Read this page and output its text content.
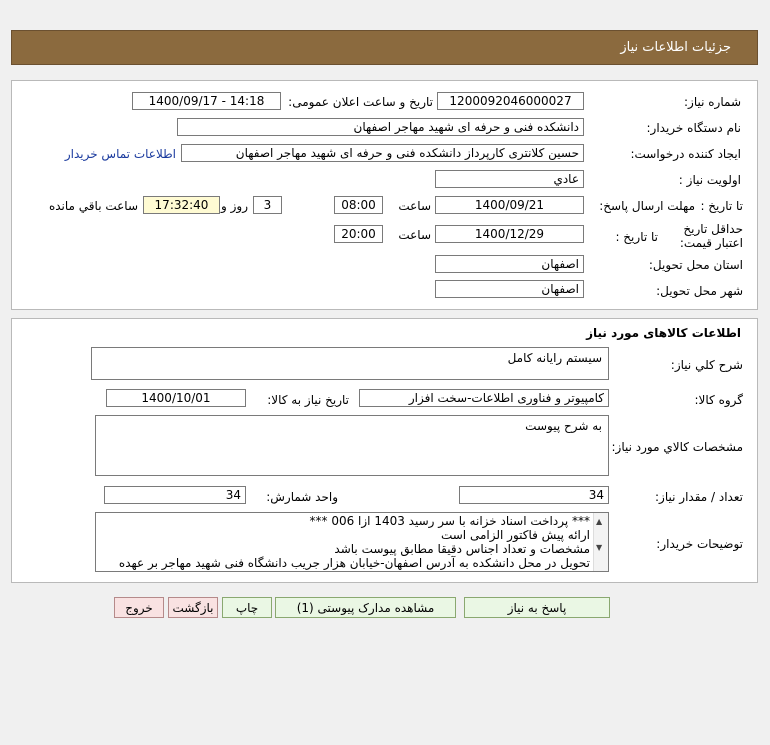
جزئیات اطلاعات نیاز
شماره نیاز:
1200092046000027
تاریخ و ساعت اعلان عمومی:
1400/09/17 - 14:18
نام دستگاه خریدار:
دانشکده فنی و حرفه ای شهید مهاجر اصفهان
ایجاد کننده درخواست:
حسین کلانتری کارپرداز دانشکده فنی و حرفه ای شهید مهاجر اصفهان
اطلاعات تماس خریدار
اولویت نیاز :
عادي
مهلت ارسال پاسخ: تا تاریخ :
1400/09/21
ساعت
08:00
3
روز و
17:32:40
ساعت باقي مانده
حداقل تاریخ اعتبار قیمت:
تا تاریخ :
1400/12/29
ساعت
20:00
استان محل تحویل:
اصفهان
شهر محل تحویل:
اصفهان
اطلاعات کالاهای مورد نیاز
شرح کلي نیاز:
سیستم رایانه کامل
گروه کالا:
کامپیوتر و فناوری اطلاعات-سخت افزار
تاریخ نیاز به کالا:
1400/10/01
مشخصات کالاي مورد نیاز:
به شرح پیوست
تعداد / مقدار نیاز:
34
واحد شمارش:
34
توضیحات خریدار:
*** پرداخت اسناد خزانه با سر رسید 1403 ازا 006 ***
ارائه پیش فاکتور الزامی است
مشخصات و تعداد اجناس دقیقا مطابق پیوست باشد
تحویل در محل دانشکده به آدرس اصفهان-خیابان هزار جریب دانشگاه فنی شهید مهاجر بر عهده
▲
▼
پاسخ به نیاز
مشاهده مدارک پیوستی (1)
چاپ
بازگشت
خروج
